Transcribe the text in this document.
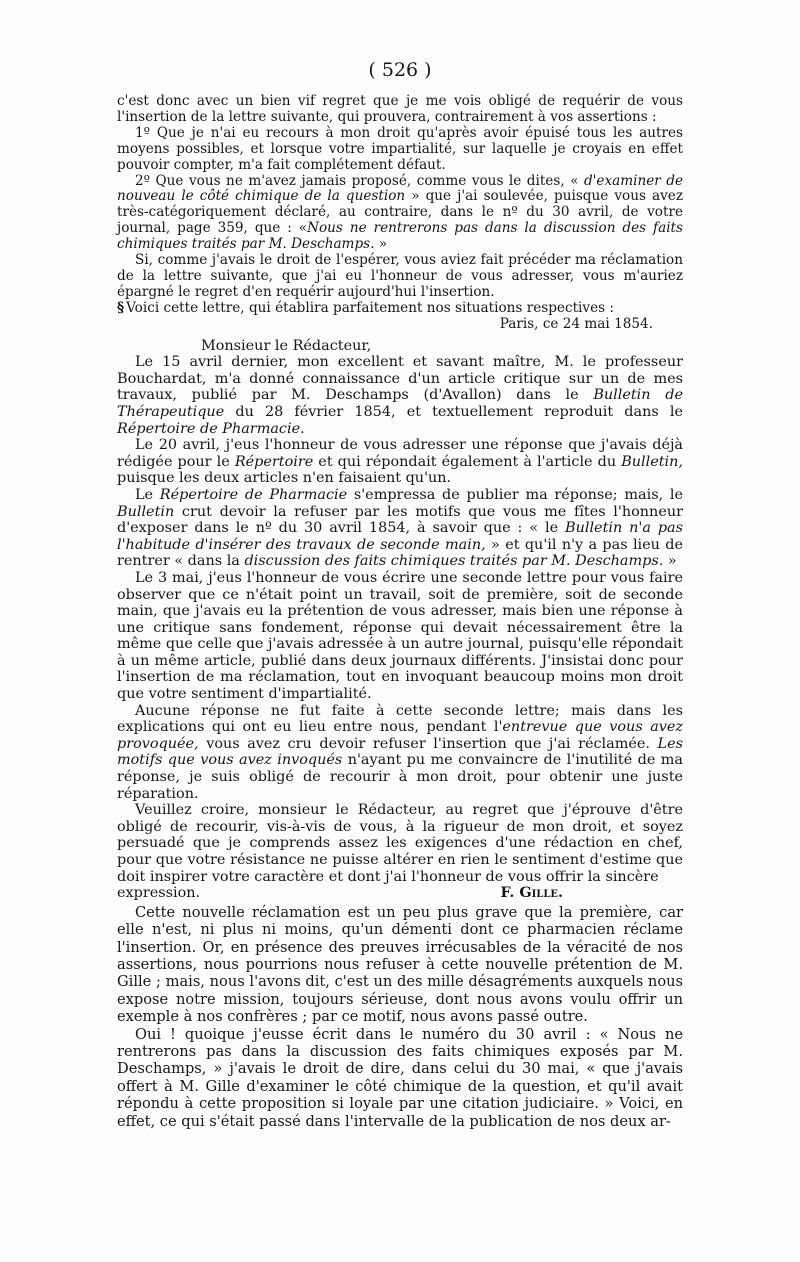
( 526 )

c'est donc avec un bien vif regret que je me vois obligé de requérir de vous l'insertion de la lettre suivante, qui prouvera, contrairement à vos assertions :

1º Que je n'ai eu recours à mon droit qu'après avoir épuisé tous les autres moyens possibles, et lorsque votre impartialité, sur laquelle je croyais en effet pouvoir compter, m'a fait complétement défaut.

2º Que vous ne m'avez jamais proposé, comme vous le dites, « d'examiner de nouveau le côté chimique de la question » que j'ai soulevée, puisque vous avez très-catégoriquement déclaré, au contraire, dans le nº du 30 avril, de votre journal, page 359, que : «Nous ne rentrerons pas dans la discussion des faits chimiques traités par M. Deschamps. »

Si, comme j'avais le droit de l'espérer, vous aviez fait précéder ma réclamation de la lettre suivante, que j'ai eu l'honneur de vous adresser, vous m'auriez épargné le regret d'en requérir aujourd'hui l'insertion.

§ Voici cette lettre, qui établira parfaitement nos situations respectives :

Paris, ce 24 mai 1854.

Monsieur le Rédacteur,

Le 15 avril dernier, mon excellent et savant maître, M. le professeur Bouchardat, m'a donné connaissance d'un article critique sur un de mes travaux, publié par M. Deschamps (d'Avallon) dans le Bulletin de Thérapeutique du 28 février 1854, et textuellement reproduit dans le Répertoire de Pharmacie.

Le 20 avril, j'eus l'honneur de vous adresser une réponse que j'avais déjà rédigée pour le Répertoire et qui répondait également à l'article du Bulletin, puisque les deux articles n'en faisaient qu'un.

Le Répertoire de Pharmacie s'empressa de publier ma réponse; mais, le Bulletin crut devoir la refuser par les motifs que vous me fîtes l'honneur d'exposer dans le nº du 30 avril 1854, à savoir que : « le Bulletin n'a pas l'habitude d'insérer des travaux de seconde main, » et qu'il n'y a pas lieu de rentrer « dans la discussion des faits chimiques traités par M. Deschamps. »

Le 3 mai, j'eus l'honneur de vous écrire une seconde lettre pour vous faire observer que ce n'était point un travail, soit de première, soit de seconde main, que j'avais eu la prétention de vous adresser, mais bien une réponse à une critique sans fondement, réponse qui devait nécessairement être la même que celle que j'avais adressée à un autre journal, puisqu'elle répondait à un même article, publié dans deux journaux différents. J'insistai donc pour l'insertion de ma réclamation, tout en invoquant beaucoup moins mon droit que votre sentiment d'impartialité.

Aucune réponse ne fut faite à cette seconde lettre; mais dans les explications qui ont eu lieu entre nous, pendant l'entrevue que vous avez provoquée, vous avez cru devoir refuser l'insertion que j'ai réclamée. Les motifs que vous avez invoqués n'ayant pu me convaincre de l'inutilité de ma réponse, je suis obligé de recourir à mon droit, pour obtenir une juste réparation.

Veuillez croire, monsieur le Rédacteur, au regret que j'éprouve d'être obligé de recourir, vis-à-vis de vous, à la rigueur de mon droit, et soyez persuadé que je comprends assez les exigences d'une rédaction en chef, pour que votre résistance ne puisse altérer en rien le sentiment d'estime que doit inspirer votre caractère et dont j'ai l'honneur de vous offrir la sincère

expression.	F. Gille.

Cette nouvelle réclamation est un peu plus grave que la première, car elle n'est, ni plus ni moins, qu'un démenti dont ce pharmacien réclame l'insertion. Or, en présence des preuves irrécusables de la véracité de nos assertions, nous pourrions nous refuser à cette nouvelle prétention de M. Gille ; mais, nous l'avons dit, c'est un des mille désagréments auxquels nous expose notre mission, toujours sérieuse, dont nous avons voulu offrir un exemple à nos confrères ; par ce motif, nous avons passé outre.

Oui ! quoique j'eusse écrit dans le numéro du 30 avril : « Nous ne rentrerons pas dans la discussion des faits chimiques exposés par M. Deschamps, » j'avais le droit de dire, dans celui du 30 mai, « que j'avais offert à M. Gille d'examiner le côté chimique de la question, et qu'il avait répondu à cette proposition si loyale par une citation judiciaire. » Voici, en effet, ce qui s'était passé dans l'intervalle de la publication de nos deux ar-
